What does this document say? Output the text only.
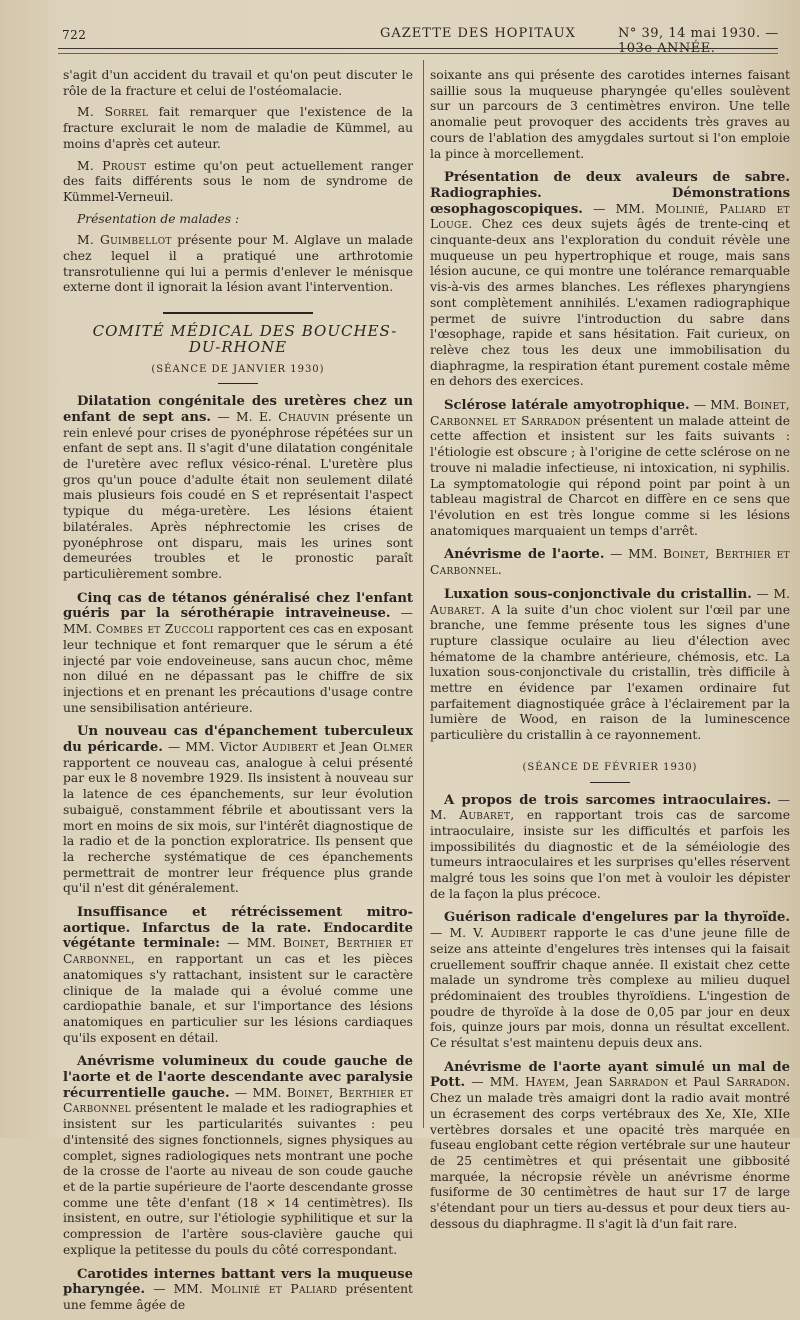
722	GAZETTE DES HOPITAUX	N° 39, 14 mai 1930. — 103e ANNÉE.

s'agit d'un accident du travail et qu'on peut discuter le rôle de la fracture et celui de l'ostéomalacie.

M. Sorrel fait remarquer que l'existence de la fracture exclurait le nom de maladie de Kümmel, au moins d'après cet auteur.

M. Proust estime qu'on peut actuellement ranger des faits différents sous le nom de syndrome de Kümmel-Verneuil.

Présentation de malades :

M. Guimbellot présente pour M. Alglave un malade chez lequel il a pratiqué une arthrotomie transrotulienne qui lui a permis d'enlever le ménisque externe dont il ignorait la lésion avant l'intervention.

COMITÉ MÉDICAL DES BOUCHES-DU-RHONE

(SÉANCE DE JANVIER 1930)

Dilatation congénitale des uretères chez un enfant de sept ans. — M. E. Chauvin présente un rein enlevé pour crises de pyonéphrose répétées sur un enfant de sept ans. Il s'agit d'une dilatation congénitale de l'uretère avec reflux vésico-rénal. L'uretère plus gros qu'un pouce d'adulte était non seulement dilaté mais plusieurs fois coudé en S et représentait l'aspect typique du méga-uretère. Les lésions étaient bilatérales. Après néphrectomie les crises de pyonéphrose ont disparu, mais les urines sont demeurées troubles et le pronostic paraît particulièrement sombre.

Cinq cas de tétanos généralisé chez l'enfant guéris par la sérothérapie intraveineuse. — MM. Combes et Zuccoli rapportent ces cas en exposant leur technique et font remarquer que le sérum a été injecté par voie endoveineuse, sans aucun choc, même non dilué en ne dépassant pas le chiffre de six injections et en prenant les précautions d'usage contre une sensibilisation antérieure.

Un nouveau cas d'épanchement tuberculeux du péricarde. — MM. Victor Audibert et Jean Olmer rapportent ce nouveau cas, analogue à celui présenté par eux le 8 novembre 1929. Ils insistent à nouveau sur la latence de ces épanchements, sur leur évolution subaiguë, constamment fébrile et aboutissant vers la mort en moins de six mois, sur l'intérêt diagnostique de la radio et de la ponction exploratrice. Ils pensent que la recherche systématique de ces épanchements permettrait de montrer leur fréquence plus grande qu'il n'est dit généralement.

Insuffisance et rétrécissement mitro-aortique. Infarctus de la rate. Endocardite végétante terminale: — MM. Boinet, Berthier et Carbonnel, en rapportant un cas et les pièces anatomiques s'y rattachant, insistent sur le caractère clinique de la malade qui a évolué comme une cardiopathie banale, et sur l'importance des lésions anatomiques en particulier sur les lésions cardiaques qu'ils exposent en détail.

Anévrisme volumineux du coude gauche de l'aorte et de l'aorte descendante avec paralysie récurrentielle gauche. — MM. Boinet, Berthier et Carbonnel présentent le malade et les radiographies et insistent sur les particularités suivantes : peu d'intensité des signes fonctionnels, signes physiques au complet, signes radiologiques nets montrant une poche de la crosse de l'aorte au niveau de son coude gauche et de la partie supérieure de l'aorte descendante grosse comme une tête d'enfant (18 × 14 centimètres). Ils insistent, en outre, sur l'étiologie syphilitique et sur la compression de l'artère sous-clavière gauche qui explique la petitesse du pouls du côté correspondant.

Carotides internes battant vers la muqueuse pharyngée. — MM. Molinié et Paliard présentent une femme âgée de

soixante ans qui présente des carotides internes faisant saillie sous la muqueuse pharyngée qu'elles soulèvent sur un parcours de 3 centimètres environ. Une telle anomalie peut provoquer des accidents très graves au cours de l'ablation des amygdales surtout si l'on emploie la pince à morcellement.

Présentation de deux avaleurs de sabre. Radiographies. Démonstrations œsophagoscopiques. — MM. Molinié, Paliard et Louge. Chez ces deux sujets âgés de trente-cinq et cinquante-deux ans l'exploration du conduit révèle une muqueuse un peu hypertrophique et rouge, mais sans lésion aucune, ce qui montre une tolérance remarquable vis-à-vis des armes blanches. Les réflexes pharyngiens sont complètement annihilés. L'examen radiographique permet de suivre l'introduction du sabre dans l'œsophage, rapide et sans hésitation. Fait curieux, on relève chez tous les deux une immobilisation du diaphragme, la respiration étant purement costale même en dehors des exercices.

Sclérose latérale amyotrophique. — MM. Boinet, Carbonnel et Sarradon présentent un malade atteint de cette affection et insistent sur les faits suivants : l'étiologie est obscure ; à l'origine de cette sclérose on ne trouve ni maladie infectieuse, ni intoxication, ni syphilis. La symptomatologie qui répond point par point à un tableau magistral de Charcot en diffère en ce sens que l'évolution en est très longue comme si les lésions anatomiques marquaient un temps d'arrêt.

Anévrisme de l'aorte. — MM. Boinet, Berthier et Carbonnel.

Luxation sous-conjonctivale du cristallin. — M. Aubaret. A la suite d'un choc violent sur l'œil par une branche, une femme présente tous les signes d'une rupture classique oculaire au lieu d'élection avec hématome de la chambre antérieure, chémosis, etc. La luxation sous-conjonctivale du cristallin, très difficile à mettre en évidence par l'examen ordinaire fut parfaitement diagnostiquée grâce à l'éclairement par la lumière de Wood, en raison de la luminescence particulière du cristallin à ce rayonnement.

(SÉANCE DE FÉVRIER 1930)

A propos de trois sarcomes intraoculaires. — M. Aubaret, en rapportant trois cas de sarcome intraoculaire, insiste sur les difficultés et parfois les impossibilités du diagnostic et de la séméiologie des tumeurs intraoculaires et les surprises qu'elles réservent malgré tous les soins que l'on met à vouloir les dépister de la façon la plus précoce.

Guérison radicale d'engelures par la thyroïde. — M. V. Audibert rapporte le cas d'une jeune fille de seize ans atteinte d'engelures très intenses qui la faisait cruellement souffrir chaque année. Il existait chez cette malade un syndrome très complexe au milieu duquel prédominaient des troubles thyroïdiens. L'ingestion de poudre de thyroïde à la dose de 0,05 par jour en deux fois, quinze jours par mois, donna un résultat excellent. Ce résultat s'est maintenu depuis deux ans.

Anévrisme de l'aorte ayant simulé un mal de Pott. — MM. Hayem, Jean Sarradon et Paul Sarradon. Chez un malade très amaigri dont la radio avait montré un écrasement des corps vertébraux des Xe, XIe, XIIe vertèbres dorsales et une opacité très marquée en fuseau englobant cette région vertébrale sur une hauteur de 25 centimètres et qui présentait une gibbosité marquée, la nécropsie révèle un anévrisme énorme fusiforme de 30 centimètres de haut sur 17 de large s'étendant pour un tiers au-dessus et pour deux tiers au-dessous du diaphragme. Il s'agit là d'un fait rare.
